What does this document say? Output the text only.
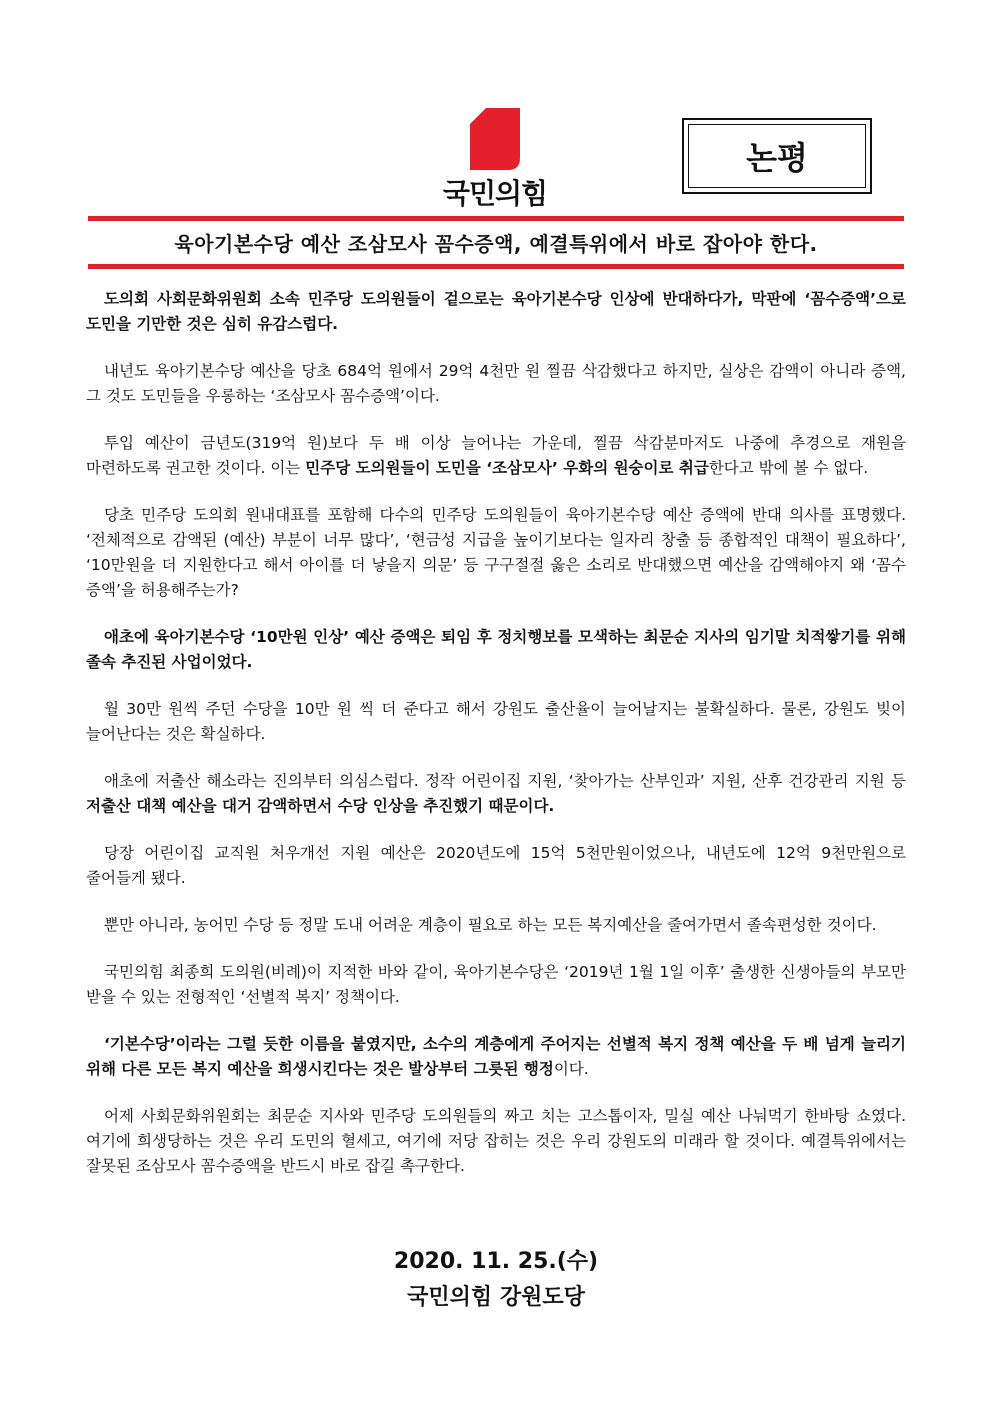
국민의힘
논평
육아기본수당 예산 조삼모사 꼼수증액, 예결특위에서 바로 잡아야 한다.

도의회 사회문화위원회 소속 민주당 도의원들이 겉으로는 육아기본수당 인상에 반대하다가, 막판에 ‘꼼수증액’으로 도민을 기만한 것은 심히 유감스럽다.

내년도 육아기본수당 예산을 당초 684억 원에서 29억 4천만 원 찔끔 삭감했다고 하지만, 실상은 감액이 아니라 증액, 그 것도 도민들을 우롱하는 ‘조삼모사 꼼수증액’이다.

투입 예산이 금년도(319억 원)보다 두 배 이상 늘어나는 가운데, 찔끔 삭감분마저도 나중에 추경으로 재원을 마련하도록 권고한 것이다. 이는 민주당 도의원들이 도민을 ‘조삼모사’ 우화의 원숭이로 취급한다고 밖에 볼 수 없다.

당초 민주당 도의회 원내대표를 포함해 다수의 민주당 도의원들이 육아기본수당 예산 증액에 반대 의사를 표명했다. ‘전체적으로 감액된 (예산) 부분이 너무 많다’, ‘현금성 지급을 높이기보다는 일자리 창출 등 종합적인 대책이 필요하다’, ‘10만원을 더 지원한다고 해서 아이를 더 낳을지 의문’ 등 구구절절 옳은 소리로 반대했으면 예산을 감액해야지 왜 ‘꼼수 증액’을 허용해주는가?

애초에 육아기본수당 ‘10만원 인상’ 예산 증액은 퇴임 후 정치행보를 모색하는 최문순 지사의 임기말 치적쌓기를 위해 졸속 추진된 사업이었다.

월 30만 원씩 주던 수당을 10만 원 씩 더 준다고 해서 강원도 출산율이 늘어날지는 불확실하다. 물론, 강원도 빚이 늘어난다는 것은 확실하다.

애초에 저출산 해소라는 진의부터 의심스럽다. 정작 어린이집 지원, ‘찾아가는 산부인과’ 지원, 산후 건강관리 지원 등 저출산 대책 예산을 대거 감액하면서 수당 인상을 추진했기 때문이다.

당장 어린이집 교직원 처우개선 지원 예산은 2020년도에 15억 5천만원이었으나, 내년도에 12억 9천만원으로 줄어들게 됐다.

뿐만 아니라, 농어민 수당 등 정말 도내 어려운 계층이 필요로 하는 모든 복지예산을 줄여가면서 졸속편성한 것이다.

국민의힘 최종희 도의원(비례)이 지적한 바와 같이, 육아기본수당은 ‘2019년 1월 1일 이후’ 출생한 신생아들의 부모만 받을 수 있는 전형적인 ‘선별적 복지’ 정책이다.

‘기본수당’이라는 그럴 듯한 이름을 붙였지만, 소수의 계층에게 주어지는 선별적 복지 정책 예산을 두 배 넘게 늘리기 위해 다른 모든 복지 예산을 희생시킨다는 것은 발상부터 그릇된 행정이다.

어제 사회문화위원회는 최문순 지사와 민주당 도의원들의 짜고 치는 고스톱이자, 밀실 예산 나눠먹기 한바탕 쇼였다. 여기에 희생당하는 것은 우리 도민의 혈세고, 여기에 저당 잡히는 것은 우리 강원도의 미래라 할 것이다. 예결특위에서는 잘못된 조삼모사 꼼수증액을 반드시 바로 잡길 촉구한다.

2020. 11. 25.(수)
국민의힘 강원도당
